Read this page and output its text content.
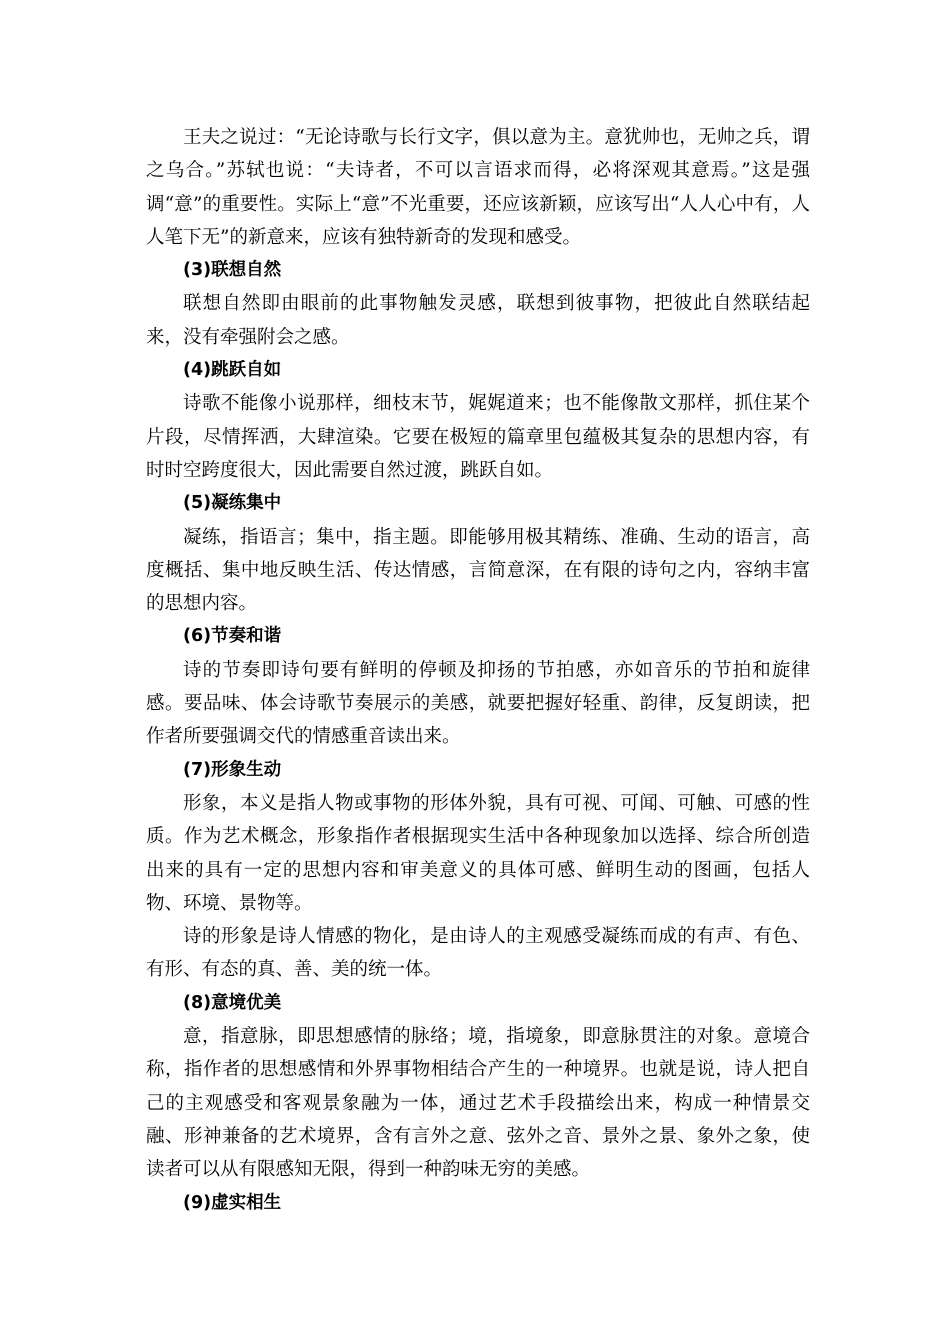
王夫之说过：“无论诗歌与长行文字，俱以意为主。意犹帅也，无帅之兵，谓之乌合。”苏轼也说：“夫诗者，不可以言语求而得，必将深观其意焉。”这是强调“意”的重要性。实际上“意”不光重要，还应该新颖，应该写出“人人心中有，人人笔下无”的新意来，应该有独特新奇的发现和感受。

(3)联想自然

联想自然即由眼前的此事物触发灵感，联想到彼事物，把彼此自然联结起来，没有牵强附会之感。

(4)跳跃自如

诗歌不能像小说那样，细枝末节，娓娓道来；也不能像散文那样，抓住某个片段，尽情挥洒，大肆渲染。它要在极短的篇章里包蕴极其复杂的思想内容，有时时空跨度很大，因此需要自然过渡，跳跃自如。

(5)凝练集中

凝练，指语言；集中，指主题。即能够用极其精练、准确、生动的语言，高度概括、集中地反映生活、传达情感，言简意深，在有限的诗句之内，容纳丰富的思想内容。

(6)节奏和谐

诗的节奏即诗句要有鲜明的停顿及抑扬的节拍感，亦如音乐的节拍和旋律感。要品味、体会诗歌节奏展示的美感，就要把握好轻重、韵律，反复朗读，把作者所要强调交代的情感重音读出来。

(7)形象生动

形象，本义是指人物或事物的形体外貌，具有可视、可闻、可触、可感的性质。作为艺术概念，形象指作者根据现实生活中各种现象加以选择、综合所创造出来的具有一定的思想内容和审美意义的具体可感、鲜明生动的图画，包括人物、环境、景物等。

诗的形象是诗人情感的物化，是由诗人的主观感受凝练而成的有声、有色、有形、有态的真、善、美的统一体。

(8)意境优美

意，指意脉，即思想感情的脉络；境，指境象，即意脉贯注的对象。意境合称，指作者的思想感情和外界事物相结合产生的一种境界。也就是说，诗人把自己的主观感受和客观景象融为一体，通过艺术手段描绘出来，构成一种情景交融、形神兼备的艺术境界，含有言外之意、弦外之音、景外之景、象外之象，使读者可以从有限感知无限，得到一种韵味无穷的美感。

(9)虚实相生
